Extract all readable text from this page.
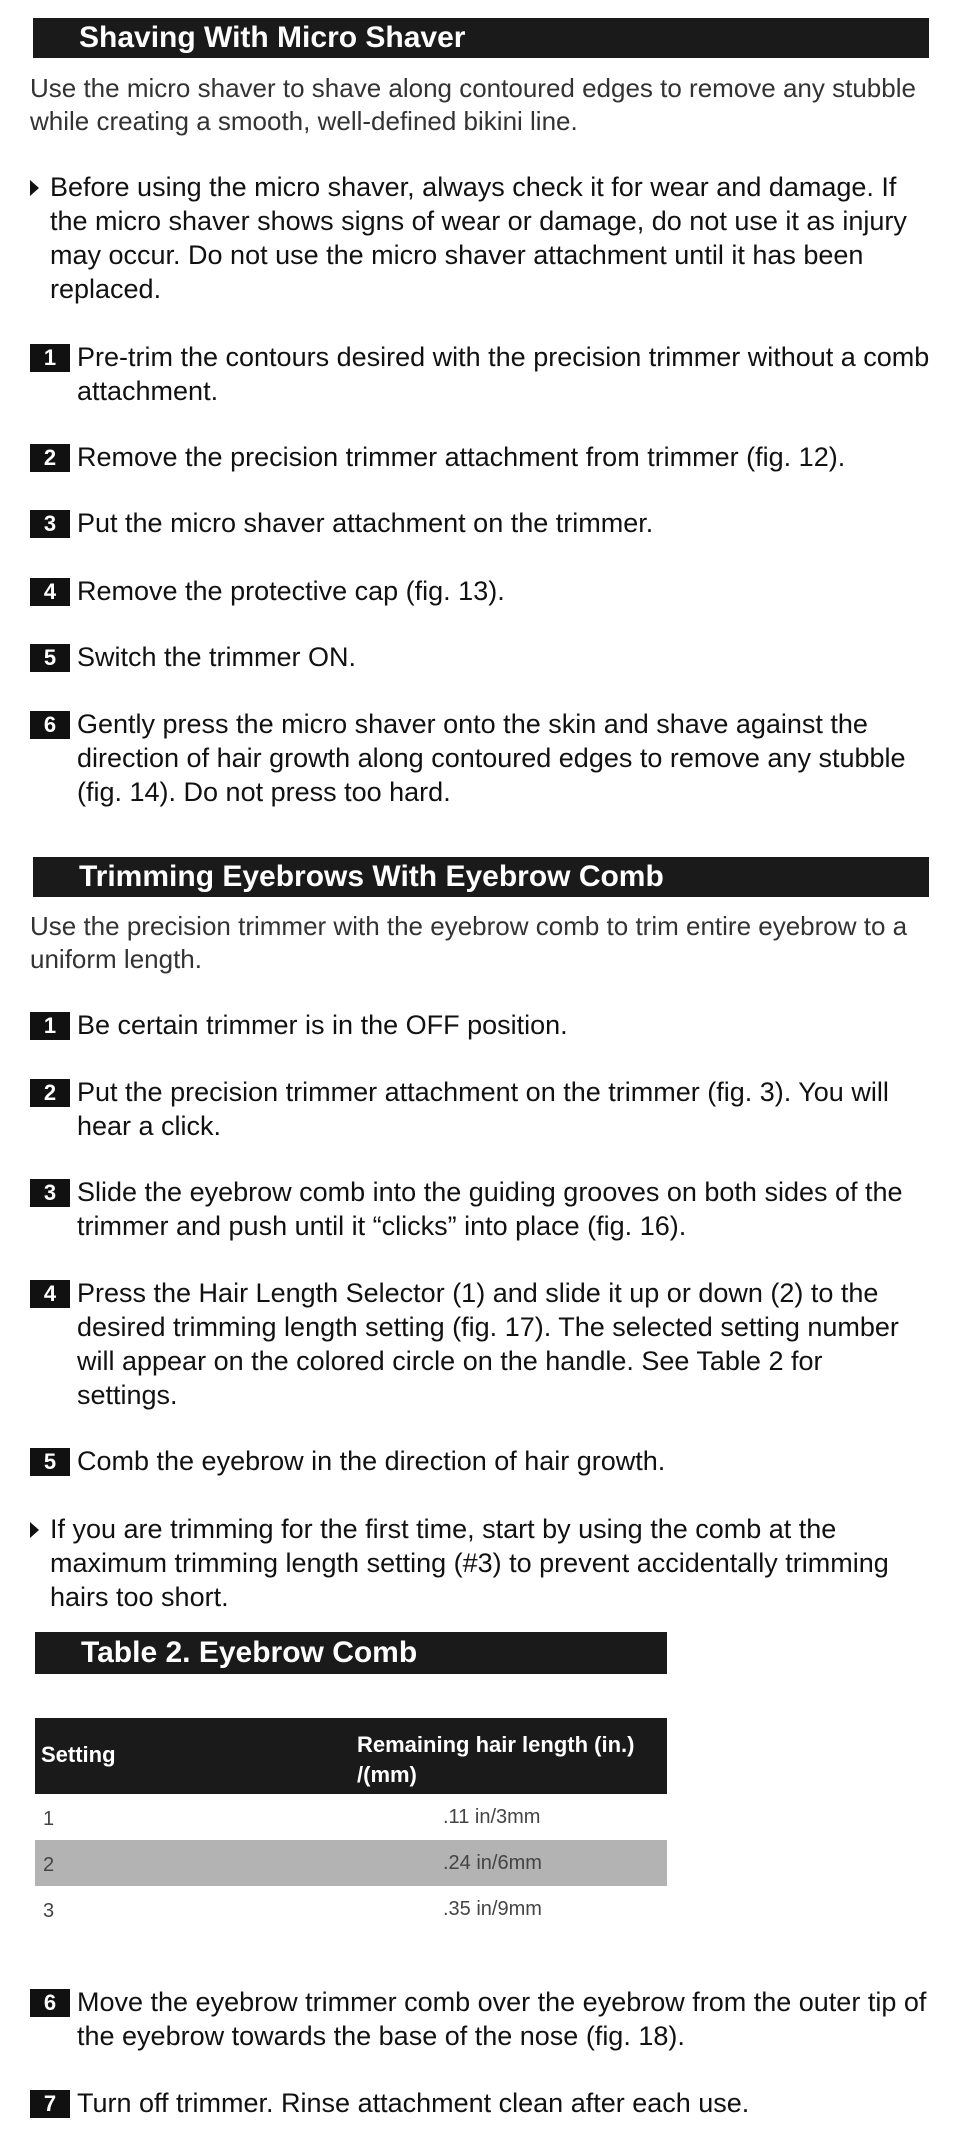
Shaving With Micro Shaver
Use the micro shaver to shave along contoured edges to remove any stubble while creating a smooth, well-defined bikini line.
Before using the micro shaver, always check it for wear and damage. If the micro shaver shows signs of wear or damage, do not use it as injury may occur. Do not use the micro shaver attachment until it has been replaced.
1 Pre-trim the contours desired with the precision trimmer without a comb attachment.
2 Remove the precision trimmer attachment from trimmer (fig. 12).
3 Put the micro shaver attachment on the trimmer.
4 Remove the protective cap (fig. 13).
5 Switch the trimmer ON.
6 Gently press the micro shaver onto the skin and shave against the direction of hair growth along contoured edges to remove any stubble (fig. 14). Do not press too hard.
Trimming Eyebrows With Eyebrow Comb
Use the precision trimmer with the eyebrow comb to trim entire eyebrow to a uniform length.
1 Be certain trimmer is in the OFF position.
2 Put the precision trimmer attachment on the trimmer (fig. 3). You will hear a click.
3 Slide the eyebrow comb into the guiding grooves on both sides of the trimmer and push until it “clicks” into place (fig. 16).
4 Press the Hair Length Selector (1) and slide it up or down (2) to the desired trimming length setting (fig. 17). The selected setting number will appear on the colored circle on the handle. See Table 2 for settings.
5 Comb the eyebrow in the direction of hair growth.
If you are trimming for the first time, start by using the comb at the maximum trimming length setting (#3) to prevent accidentally trimming hairs too short.
Table 2. Eyebrow Comb
Setting	Remaining hair length (in.) /(mm)
1	.11 in/3mm
2	.24 in/6mm
3	.35 in/9mm
6 Move the eyebrow trimmer comb over the eyebrow from the outer tip of the eyebrow towards the base of the nose (fig. 18).
7 Turn off trimmer. Rinse attachment clean after each use.
